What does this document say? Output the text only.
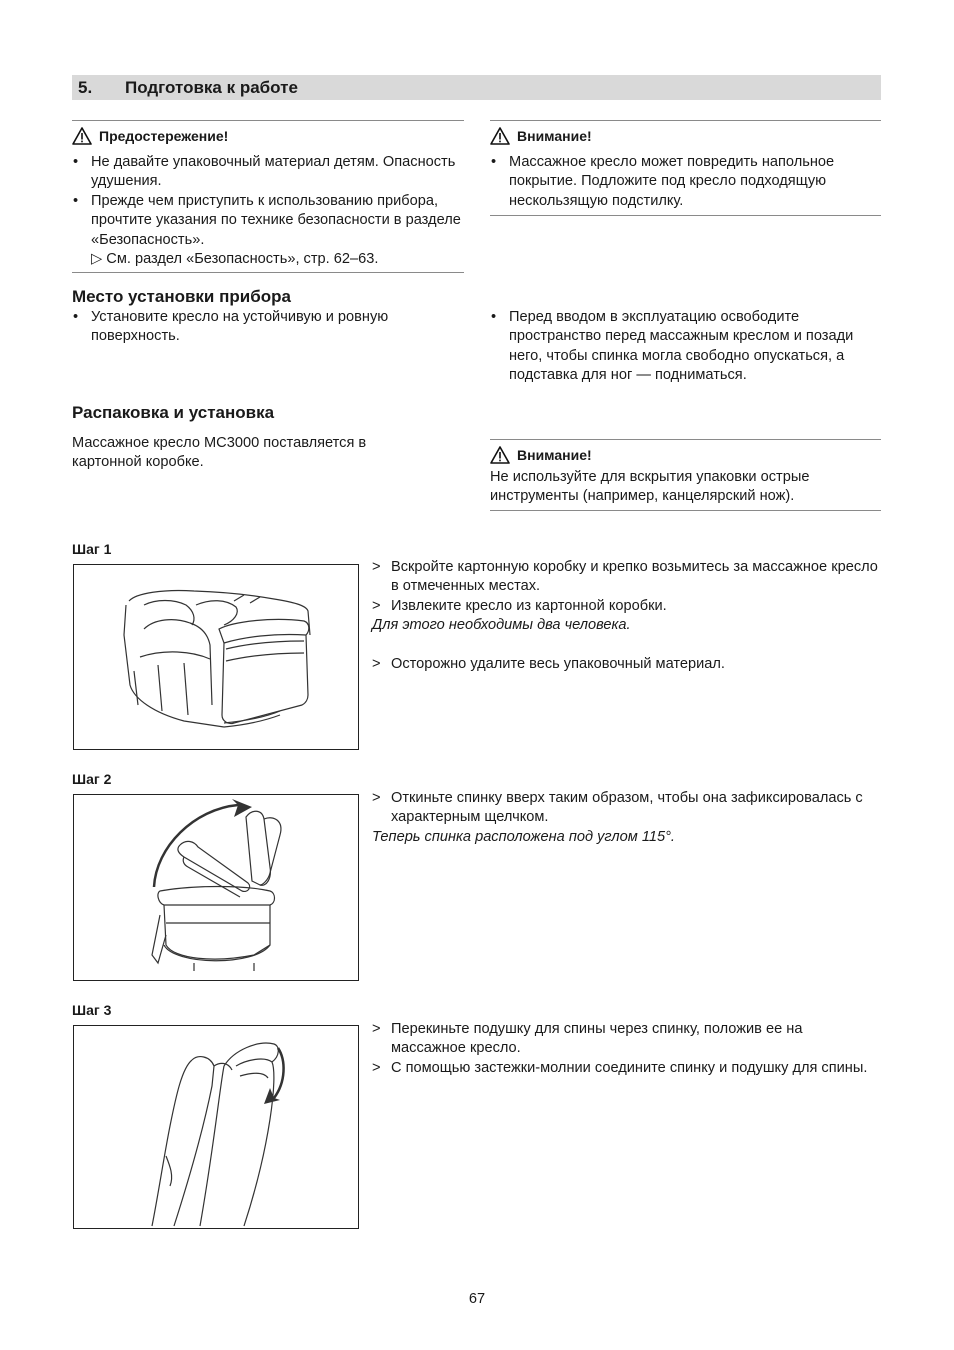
5. Подготовка к работе
Предостережение!
• Не давайте упаковочный материал детям. Опасность удушения.
• Прежде чем приступить к использованию прибора, прочтите указания по технике безопасности в разделе «Безопасность».
▷ См. раздел «Безопасность», стр. 62–63.
Внимание!
• Массажное кресло может повредить напольное покрытие. Подложите под кресло подходящую нескользящую подстилку.
Место установки прибора
• Установите кресло на устойчивую и ровную поверхность.
• Перед вводом в эксплуатацию освободите пространство перед массажным креслом и позади него, чтобы спинка могла свободно опускаться, а подставка для ног — подниматься.
Распаковка и установка
Массажное кресло MC3000 поставляется в картонной коробке.	Внимание!
Не используйте для вскрытия упаковки острые инструменты (например, канцелярский нож).
Шаг 1
> Вскройте картонную коробку и крепко возьмитесь за массажное кресло в отмеченных местах.
> Извлеките кресло из картонной коробки.
Для этого необходимы два человека.
> Осторожно удалите весь упаковочный материал.
Шаг 2
> Откиньте спинку вверх таким образом, чтобы она зафиксировалась с характерным щелчком.
Теперь спинка расположена под углом 115°.
Шаг 3
> Перекиньте подушку для спины через спинку, положив ее на массажное кресло.
> С помощью застежки-молнии соедините спинку и подушку для спины.
67
